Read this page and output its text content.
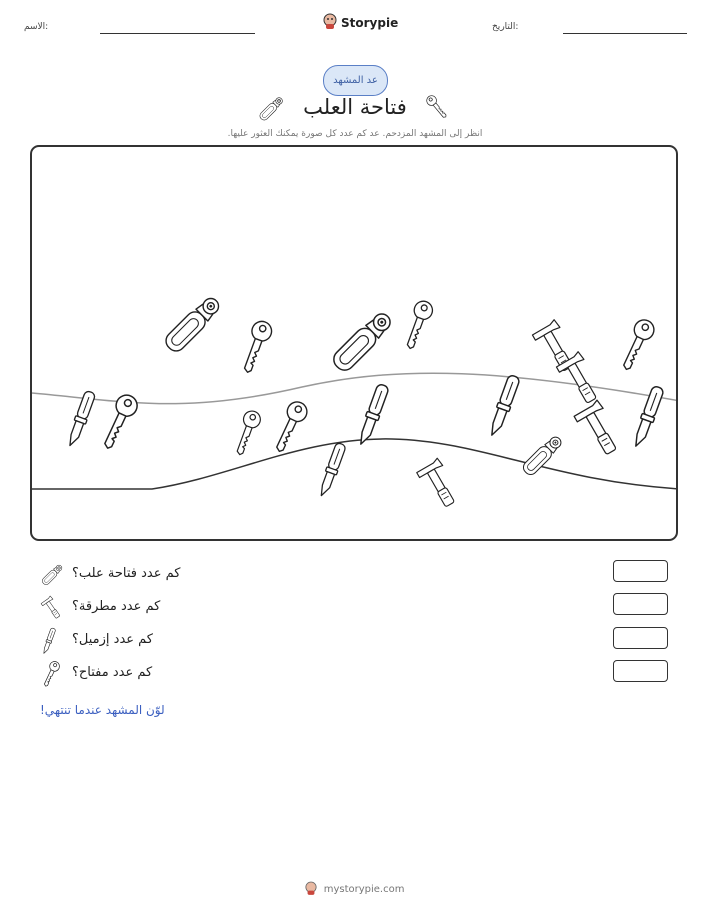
الاسم:	Storypie	التاريخ:
عد المشهد
فتاحة العلب
انظر إلى المشهد المزدحم. عد كم عدد كل صورة يمكنك العثور عليها.
كم عدد فتاحة علب؟
كم عدد مطرقة؟
كم عدد إزميل؟
كم عدد مفتاح؟
لوّن المشهد عندما تنتهي!
mystorypie.com
